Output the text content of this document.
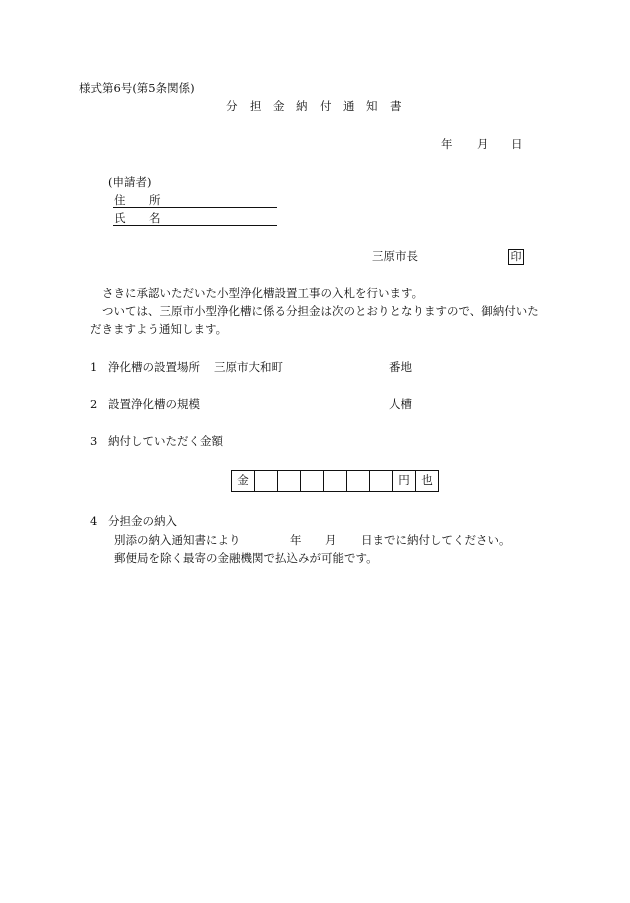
様式第6号(第5条関係)
分 担 金 納 付 通 知 書
年 月 日
(申請者)
住 所
氏 名
三原市長	印
さきに承認いただいた小型浄化槽設置工事の入札を行います。
ついては、三原市小型浄化槽に係る分担金は次のとおりとなりますので、御納付いた
だきますよう通知します。
1 浄化槽の設置場所 三原市大和町	番地
2 設置浄化槽の規模	人槽
3 納付していただく金額
金							円	也
4 分担金の納入
別添の納入通知書により	年 月 日までに納付してください。
郵便局を除く最寄の金融機関で払込みが可能です。
